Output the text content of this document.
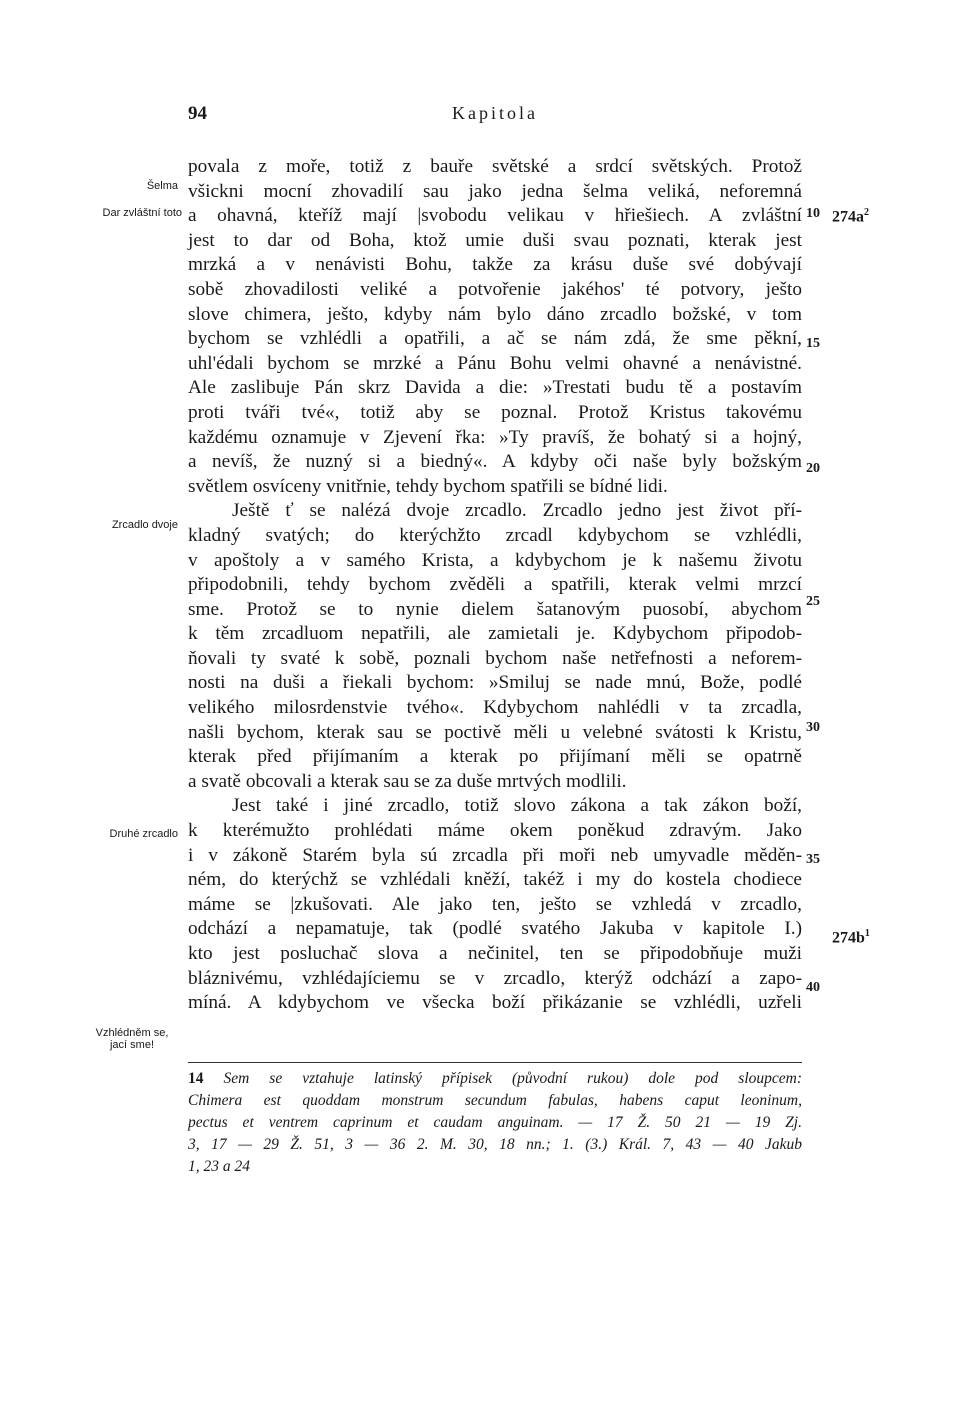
94	Kapitola
Šelma
Dar zvláštní toto
Zrcadlo dvoje
Druhé zrcadlo
Vzhlédněm se,
jací sme!
10
15
20
25
30
35
40
$274a^2$
$274b^1$
povala z moře, totiž z bauře světské a srdcí světských. Protož
všickni mocní zhovadilí sau jako jedna šelma veliká, neforemná
a ohavná, kteříž mají |svobodu velikau v hřiešiech. A zvláštní
jest to dar od Boha, ktož umie duši svau poznati, kterak jest
mrzká a v nenávisti Bohu, takže za krásu duše své dobývají
sobě zhovadilosti veliké a potvořenie jakéhos' té potvory, ješto
slove chimera, ješto, kdyby nám bylo dáno zrcadlo božské, v tom
bychom se vzhlédli a opatřili, a ač se nám zdá, že sme pěkní,
uhl'édali bychom se mrzké a Pánu Bohu velmi ohavné a nenávistné.
Ale zaslibuje Pán skrz Davida a die: »Trestati budu tě a postavím
proti tváři tvé«, totiž aby se poznal. Protož Kristus takovému
každému oznamuje v Zjevení řka: »Ty pravíš, že bohatý si a hojný,
a nevíš, že nuzný si a biedný«. A kdyby oči naše byly božským
světlem osvíceny vnitřnie, tehdy bychom spatřili se bídné lidi.
Ještě ť se nalézá dvoje zrcadlo. Zrcadlo jedno jest život pří-
kladný svatých; do kterýchžto zrcadl kdybychom se vzhlédli,
v apoštoly a v samého Krista, a kdybychom je k našemu životu
připodobnili, tehdy bychom zvěděli a spatřili, kterak velmi mrzcí
sme. Protož se to nynie dielem šatanovým puosobí, abychom
k těm zrcadluom nepatřili, ale zamietali je. Kdybychom připodob-
ňovali ty svaté k sobě, poznali bychom naše netřefnosti a neforem-
nosti na duši a řiekali bychom: »Smiluj se nade mnú, Bože, podlé
velikého milosrdenstvie tvého«. Kdybychom nahlédli v ta zrcadla,
našli bychom, kterak sau se poctivě měli u velebné svátosti k Kristu,
kterak před přijímaním a kterak po přijímaní měli se opatrně
a svatě obcovali a kterak sau se za duše mrtvých modlili.
Jest také i jiné zrcadlo, totiž slovo zákona a tak zákon boží,
k kterémužto prohlédati máme okem poněkud zdravým. Jako
i v zákoně Starém byla sú zrcadla při moři neb umyvadle měděn-
ném, do kterýchž se vzhlédali kněží, takéž i my do kostela chodiece
máme se |zkušovati. Ale jako ten, ješto se vzhledá v zrcadlo,
odchází a nepamatuje, tak (podlé svatého Jakuba v kapitole I.)
kto jest posluchač slova a nečinitel, ten se připodobňuje muži
bláznivému, vzhlédajíciemu se v zrcadlo, kterýž odchází a zapo-
míná. A kdybychom ve všecka boží přikázanie se vzhlédli, uzřeli
14 Sem se vztahuje latinský přípisek (původní rukou) dole pod sloupcem:
Chimera est quoddam monstrum secundum fabulas, habens caput leoninum,
pectus et ventrem caprinum et caudam anguinam. — 17 Ž. 50 21 — 19 Zj.
3, 17 — 29 Ž. 51, 3 — 36 2. M. 30, 18 nn.; 1. (3.) Král. 7, 43 — 40 Jakub
1, 23 a 24
